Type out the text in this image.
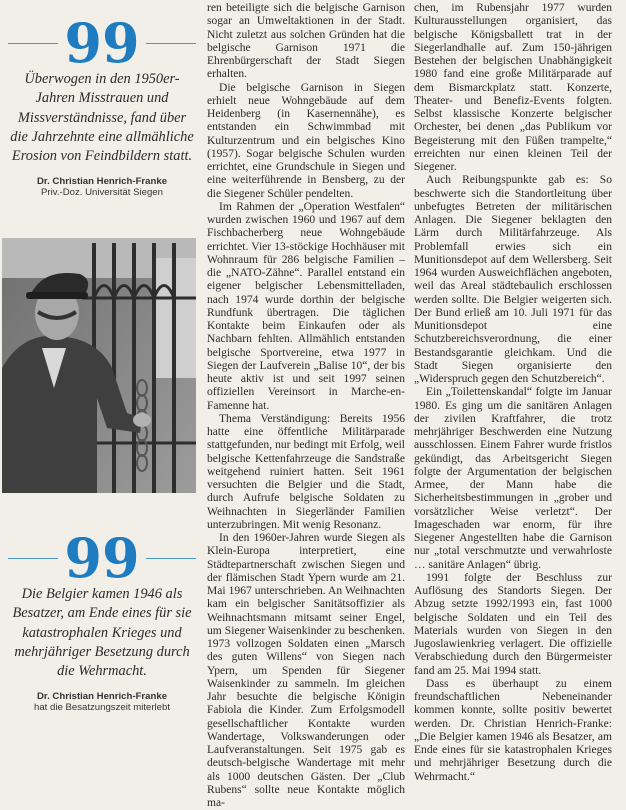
99
Überwogen in den 1950er-Jahren Misstrauen und Missverständnisse, fand über die Jahrzehnte eine allmähliche Erosion von Feindbildern statt.
Dr. Christian Henrich-Franke
Priv.-Doz. Universität Siegen
99
Die Belgier kamen 1946 als Besatzer, am Ende eines für sie katastrophalen Krieges und mehrjähriger Besetzung durch die Wehrmacht.
Dr. Christian Henrich-Franke
hat die Besatzungszeit miterlebt

ren beteiligte sich die belgische Garnison sogar an Umweltaktionen in der Stadt. Nicht zuletzt aus solchen Gründen hat die belgische Garnison 1971 die Ehrenbürgerschaft der Stadt Siegen erhalten.

Die belgische Garnison in Siegen erhielt neue Wohngebäude auf dem Heidenberg (in Kasernennähe), es entstanden ein Schwimmbad mit Kulturzentrum und ein belgisches Kino (1957). Sogar belgische Schulen wurden errichtet, eine Grundschule in Siegen und eine weiterführende in Bensberg, zu der die Siegener Schüler pendelten.

Im Rahmen der „Operation Westfalen“ wurden zwischen 1960 und 1967 auf dem Fischbacherberg neue Wohngebäude errichtet. Vier 13-stöckige Hochhäuser mit Wohnraum für 286 belgische Familien – die „NATO-Zähne“. Parallel entstand ein eigener belgischer Lebensmittelladen, nach 1974 wurde dorthin der belgische Rundfunk übertragen. Die täglichen Kontakte beim Einkaufen oder als Nachbarn fehlten. Allmählich entstanden belgische Sportvereine, etwa 1977 in Siegen der Laufverein „Balise 10“, der bis heute aktiv ist und seit 1997 seinen offiziellen Vereinsort in Marche-en-Famenne hat.

Thema Verständigung: Bereits 1956 hatte eine öffentliche Militärparade stattgefunden, nur bedingt mit Erfolg, weil belgische Kettenfahrzeuge die Sandstraße weitgehend ruiniert hatten. Seit 1961 versuchten die Belgier und die Stadt, durch Aufrufe belgische Soldaten zu Weihnachten in Siegerländer Familien unterzubringen. Mit wenig Resonanz.

In den 1960er-Jahren wurde Siegen als Klein-Europa interpretiert, eine Städtepartnerschaft zwischen Siegen und der flämischen Stadt Ypern wurde am 21. Mai 1967 unterschrieben. An Weihnachten kam ein belgischer Sanitätsoffizier als Weihnachtsmann mitsamt seiner Engel, um Siegener Waisenkinder zu beschenken. 1973 vollzogen Soldaten einen „Marsch des guten Willens“ von Siegen nach Ypern, um Spenden für Siegener Waisenkinder zu sammeln. Im gleichen Jahr besuchte die belgische Königin Fabiola die Kinder. Zum Erfolgsmodell gesellschaftlicher Kontakte wurden Wandertage, Volkswanderungen oder Laufveranstaltungen. Seit 1975 gab es deutsch-belgische Wandertage mit mehr als 1000 deutschen Gästen. Der „Club Rubens“ sollte neue Kontakte möglich ma-

chen, im Rubensjahr 1977 wurden Kulturausstellungen organisiert, das belgische Königsballett trat in der Siegerlandhalle auf. Zum 150-jährigen Bestehen der belgischen Unabhängigkeit 1980 fand eine große Militärparade auf dem Bismarckplatz statt. Konzerte, Theater- und Benefiz-Events folgten. Selbst klassische Konzerte belgischer Orchester, bei denen „das Publikum vor Begeisterung mit den Füßen trampelte,“ erreichten nur einen kleinen Teil der Siegener.

Auch Reibungspunkte gab es: So beschwerte sich die Standortleitung über unbefugtes Betreten der militärischen Anlagen. Die Siegener beklagten den Lärm durch Militärfahrzeuge. Als Problemfall erwies sich ein Munitionsdepot auf dem Wellersberg. Seit 1964 wurden Ausweichflächen angeboten, weil das Areal städtebaulich erschlossen werden sollte. Die Belgier weigerten sich. Der Bund erließ am 10. Juli 1971 für das Munitionsdepot eine Schutzbereichsverordnung, die einer Bestandsgarantie gleichkam. Und die Stadt Siegen organisierte den „Widerspruch gegen den Schutzbereich“.

Ein „Toilettenskandal“ folgte im Januar 1980. Es ging um die sanitären Anlagen der zivilen Kraftfahrer, die trotz mehrjähriger Beschwerden eine Nutzung ausschlossen. Einem Fahrer wurde fristlos gekündigt, das Arbeitsgericht Siegen folgte der Argumentation der belgischen Armee, der Mann habe die Sicherheitsbestimmungen in „grober und vorsätzlicher Weise verletzt“. Der Imageschaden war enorm, für ihre Siegener Angestellten habe die Garnison nur „total verschmutzte und verwahrloste … sanitäre Anlagen“ übrig.

1991 folgte der Beschluss zur Auflösung des Standorts Siegen. Der Abzug setzte 1992/1993 ein, fast 1000 belgische Soldaten und ein Teil des Materials wurden von Siegen in den Jugoslawienkrieg verlagert. Die offizielle Verabschiedung durch den Bürgermeister fand am 25. Mai 1994 statt.

Dass es überhaupt zu einem freundschaftlichen Nebeneinander kommen konnte, sollte positiv bewertet werden. Dr. Christian Henrich-Franke: „Die Belgier kamen 1946 als Besatzer, am Ende eines für sie katastrophalen Krieges und mehrjähriger Besetzung durch die Wehrmacht.“
